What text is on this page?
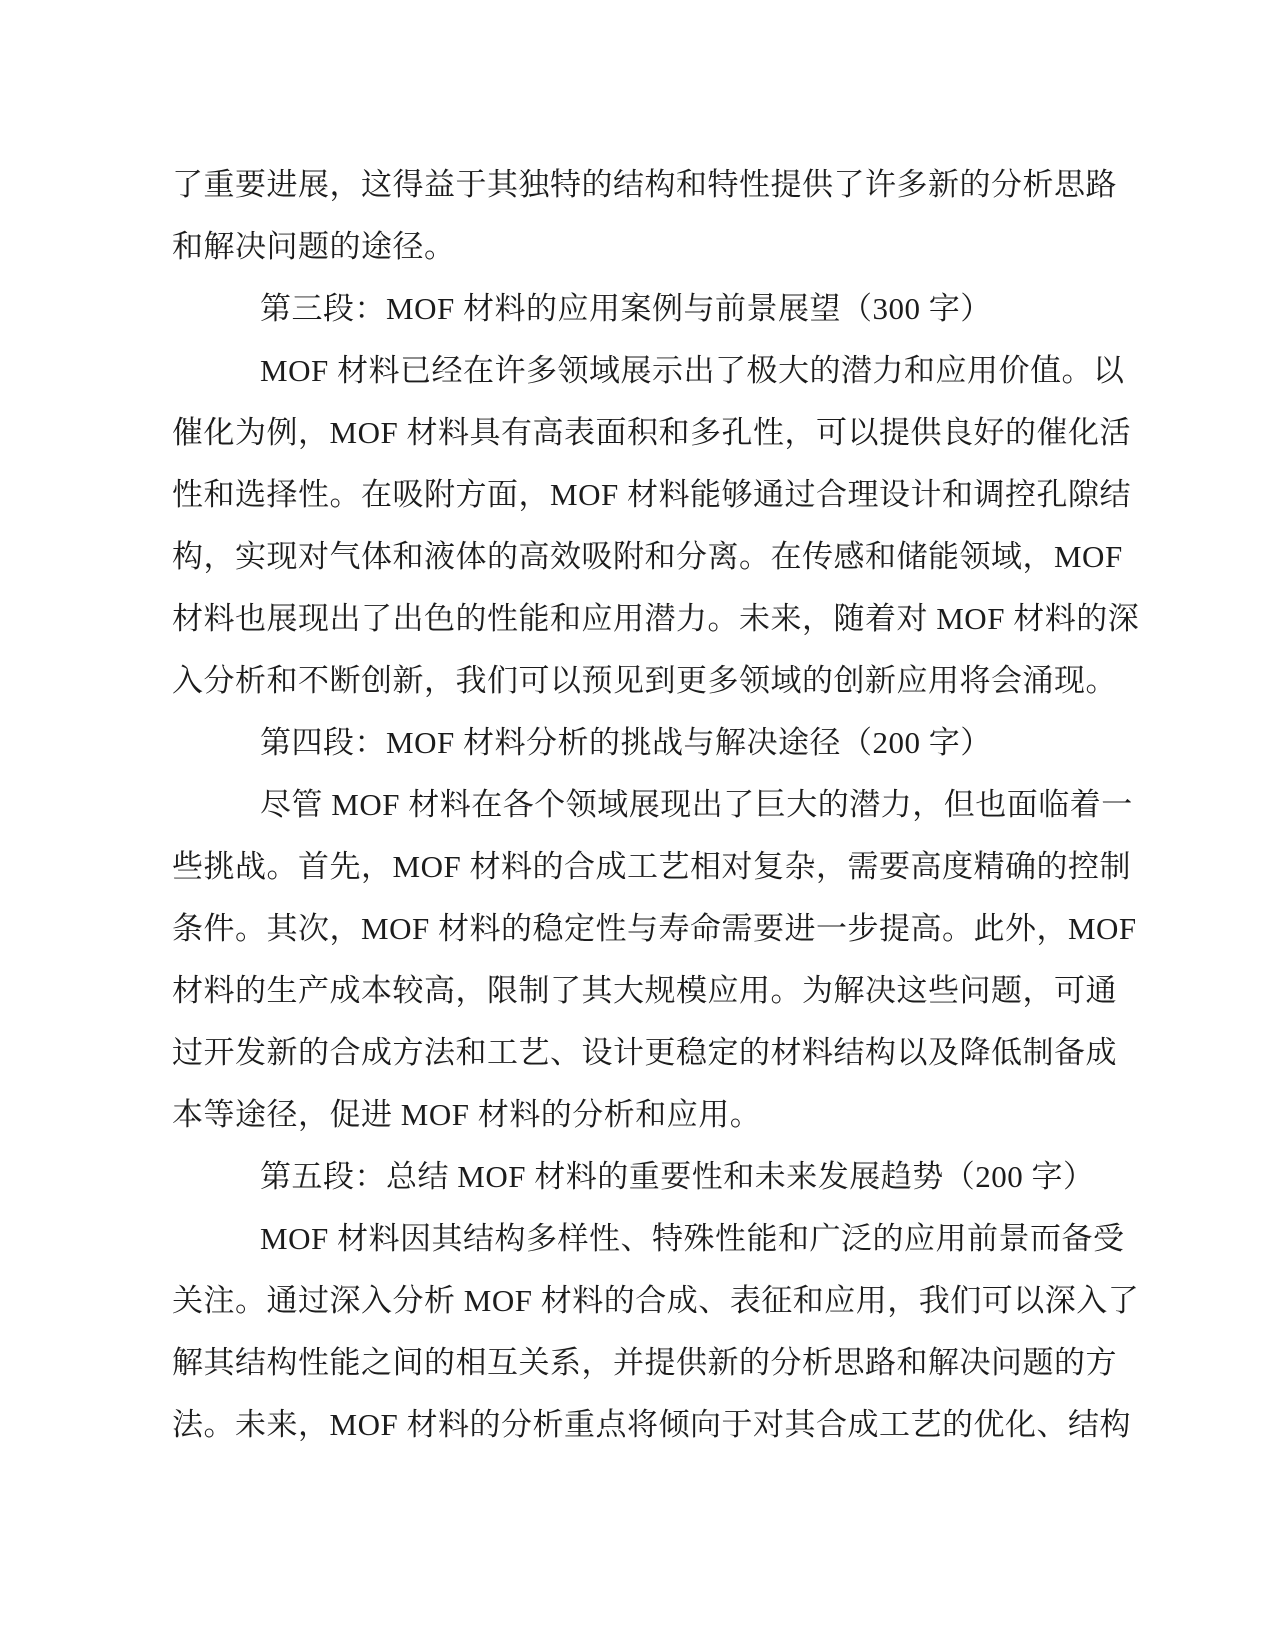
了重要进展，这得益于其独特的结构和特性提供了许多新的分析思路
和解决问题的途径。
第三段：MOF 材料的应用案例与前景展望（300 字）
MOF 材料已经在许多领域展示出了极大的潜力和应用价值。以
催化为例，MOF 材料具有高表面积和多孔性，可以提供良好的催化活
性和选择性。在吸附方面，MOF 材料能够通过合理设计和调控孔隙结
构，实现对气体和液体的高效吸附和分离。在传感和储能领域，MOF
材料也展现出了出色的性能和应用潜力。未来，随着对 MOF 材料的深
入分析和不断创新，我们可以预见到更多领域的创新应用将会涌现。
第四段：MOF 材料分析的挑战与解决途径（200 字）
尽管 MOF 材料在各个领域展现出了巨大的潜力，但也面临着一
些挑战。首先，MOF 材料的合成工艺相对复杂，需要高度精确的控制
条件。其次，MOF 材料的稳定性与寿命需要进一步提高。此外，MOF
材料的生产成本较高，限制了其大规模应用。为解决这些问题，可通
过开发新的合成方法和工艺、设计更稳定的材料结构以及降低制备成
本等途径，促进 MOF 材料的分析和应用。
第五段：总结 MOF 材料的重要性和未来发展趋势（200 字）
MOF 材料因其结构多样性、特殊性能和广泛的应用前景而备受
关注。通过深入分析 MOF 材料的合成、表征和应用，我们可以深入了
解其结构性能之间的相互关系，并提供新的分析思路和解决问题的方
法。未来，MOF 材料的分析重点将倾向于对其合成工艺的优化、结构
